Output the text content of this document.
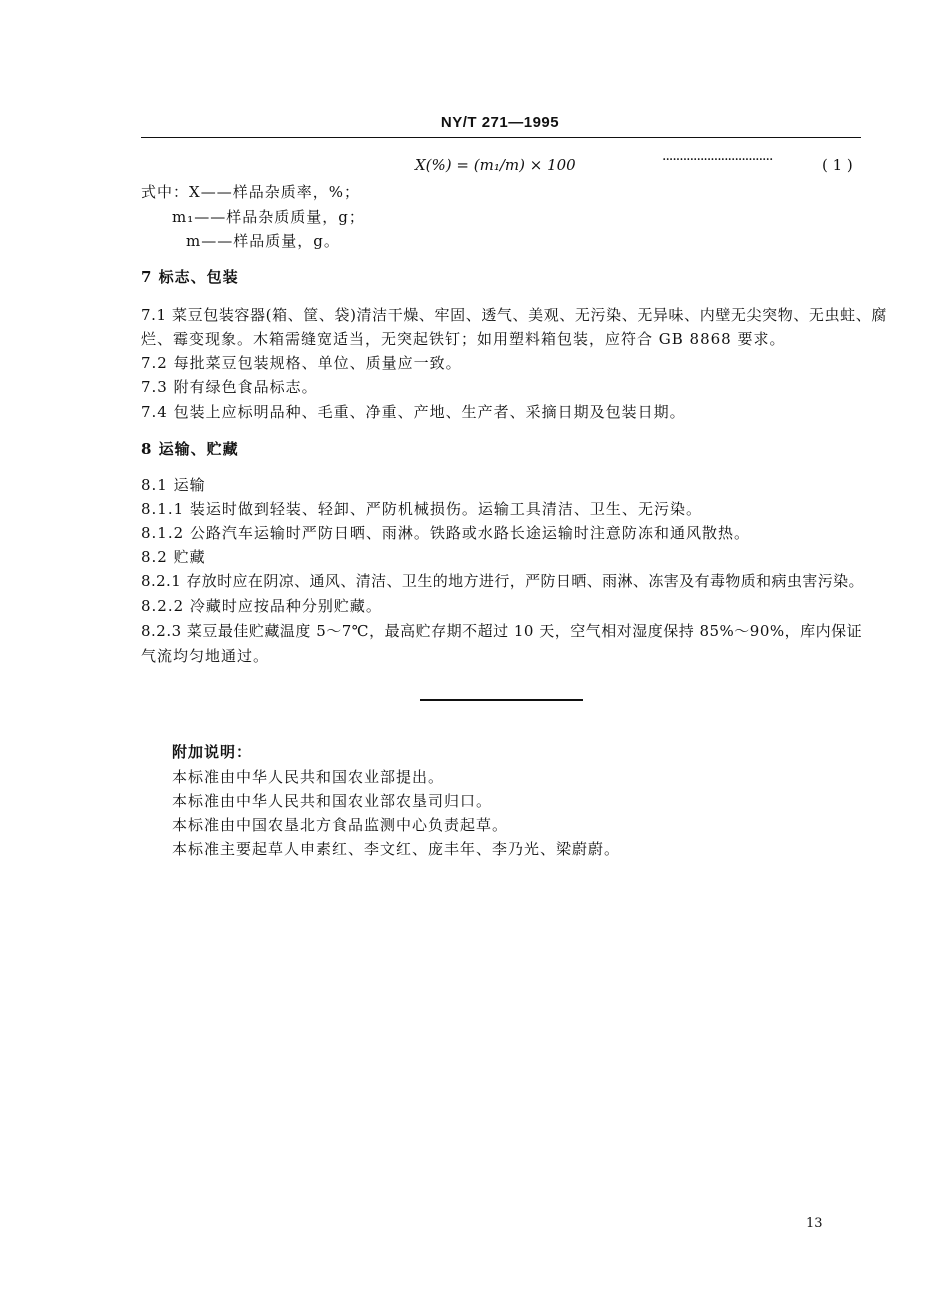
NY/T 271—1995
X(%) = (m₁/m) × 100	································	( 1 )
式中：X——样品杂质率，%；
m₁——样品杂质质量，g；
m——样品质量，g。
7 标志、包装
7.1 菜豆包装容器(箱、筐、袋)清洁干燥、牢固、透气、美观、无污染、无异味、内壁无尖突物、无虫蛀、腐
烂、霉变现象。木箱需缝宽适当，无突起铁钉；如用塑料箱包装，应符合 GB 8868 要求。
7.2 每批菜豆包装规格、单位、质量应一致。
7.3 附有绿色食品标志。
7.4 包装上应标明品种、毛重、净重、产地、生产者、采摘日期及包装日期。
8 运输、贮藏
8.1 运输
8.1.1 装运时做到轻装、轻卸、严防机械损伤。运输工具清洁、卫生、无污染。
8.1.2 公路汽车运输时严防日晒、雨淋。铁路或水路长途运输时注意防冻和通风散热。
8.2 贮藏
8.2.1 存放时应在阴凉、通风、清洁、卫生的地方进行，严防日晒、雨淋、冻害及有毒物质和病虫害污染。
8.2.2 冷藏时应按品种分别贮藏。
8.2.3 菜豆最佳贮藏温度 5～7℃，最高贮存期不超过 10 天，空气相对湿度保持 85%～90%，库内保证
气流均匀地通过。
附加说明：
本标准由中华人民共和国农业部提出。
本标准由中华人民共和国农业部农垦司归口。
本标准由中国农垦北方食品监测中心负责起草。
本标准主要起草人申素红、李文红、庞丰年、李乃光、梁蔚蔚。
13
